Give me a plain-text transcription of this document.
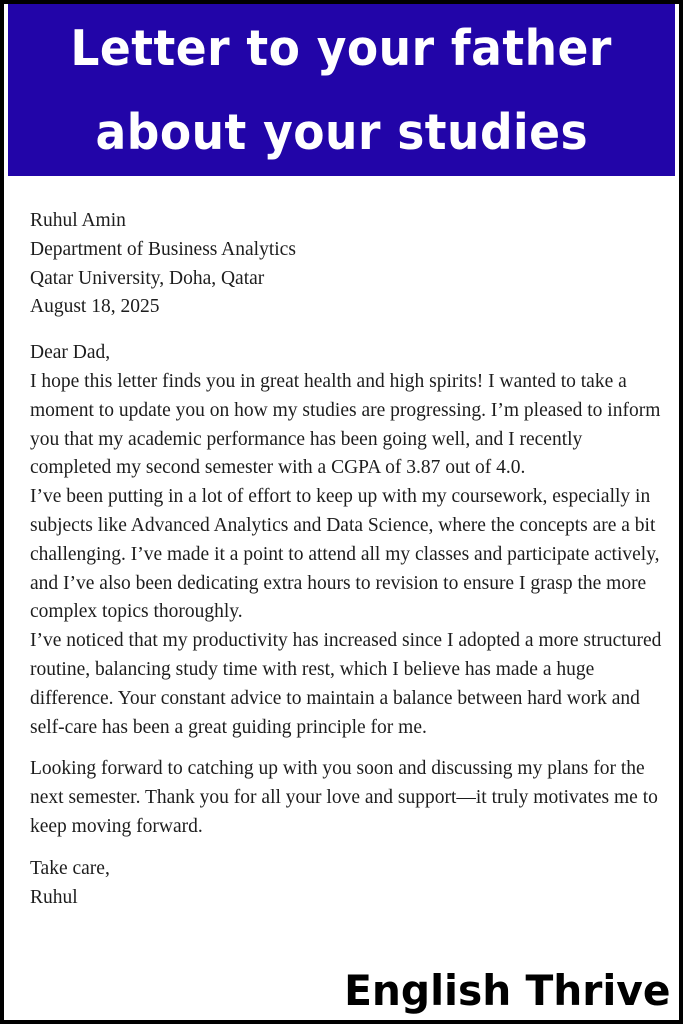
Letter to your father
about your studies
Ruhul Amin
Department of Business Analytics
Qatar University, Doha, Qatar
August 18, 2025
Dear Dad,

I hope this letter finds you in great health and high spirits! I wanted to take a moment to update you on how my studies are progressing. I’m pleased to inform you that my academic performance has been going well, and I recently completed my second semester with a CGPA of 3.87 out of 4.0.

I’ve been putting in a lot of effort to keep up with my coursework, especially in subjects like Advanced Analytics and Data Science, where the concepts are a bit challenging. I’ve made it a point to attend all my classes and participate actively, and I’ve also been dedicating extra hours to revision to ensure I grasp the more complex topics thoroughly.

I’ve noticed that my productivity has increased since I adopted a more structured routine, balancing study time with rest, which I believe has made a huge difference. Your constant advice to maintain a balance between hard work and self-care has been a great guiding principle for me.

Looking forward to catching up with you soon and discussing my plans for the next semester. Thank you for all your love and support—it truly motivates me to keep moving forward.

Take care,
Ruhul
English Thrive
